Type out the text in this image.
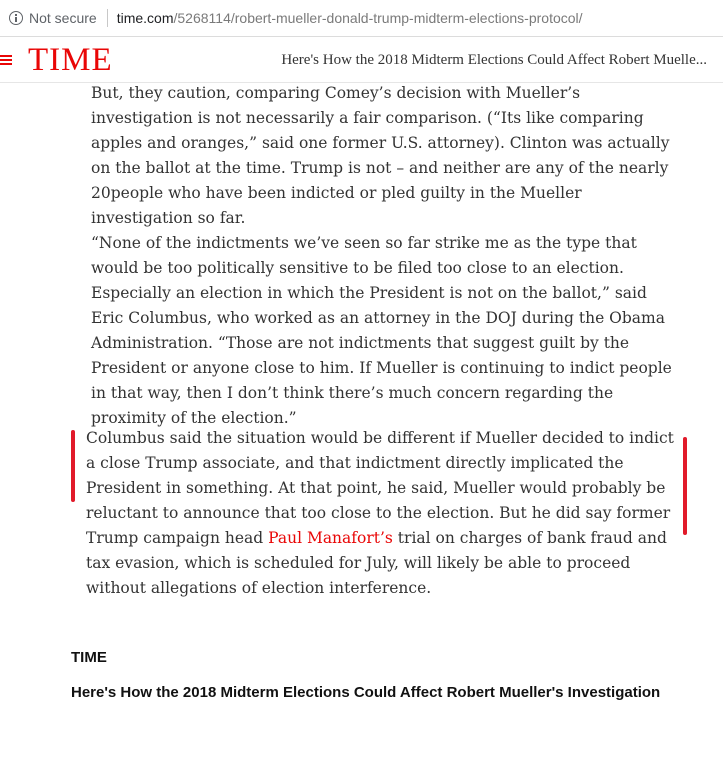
Not secure time.com/5268114/robert-mueller-donald-trump-midterm-elections-protocol/
TIME	Here's How the 2018 Midterm Elections Could Affect Robert Muelle...

But, they caution, comparing Comey’s decision with Mueller’s investigation is not necessarily a fair comparison. (“Its like comparing apples and oranges,” said one former U.S. attorney). Clinton was actually on the ballot at the time. Trump is not – and neither are any of the nearly 20people who have been indicted or pled guilty in the Mueller investigation so far.

“None of the indictments we’ve seen so far strike me as the type that would be too politically sensitive to be filed too close to an election. Especially an election in which the President is not on the ballot,” said Eric Columbus, who worked as an attorney in the DOJ during the Obama Administration. “Those are not indictments that suggest guilt by the President or anyone close to him. If Mueller is continuing to indict people in that way, then I don’t think there’s much concern regarding the proximity of the election.”

Columbus said the situation would be different if Mueller decided to indict a close Trump associate, and that indictment directly implicated the President in something. At that point, he said, Mueller would probably be reluctant to announce that too close to the election. But he did say former Trump campaign head Paul Manafort’s trial on charges of bank fraud and tax evasion, which is scheduled for July, will likely be able to proceed without allegations of election interference.

TIME
Here's How the 2018 Midterm Elections Could Affect Robert Mueller's Investigation
